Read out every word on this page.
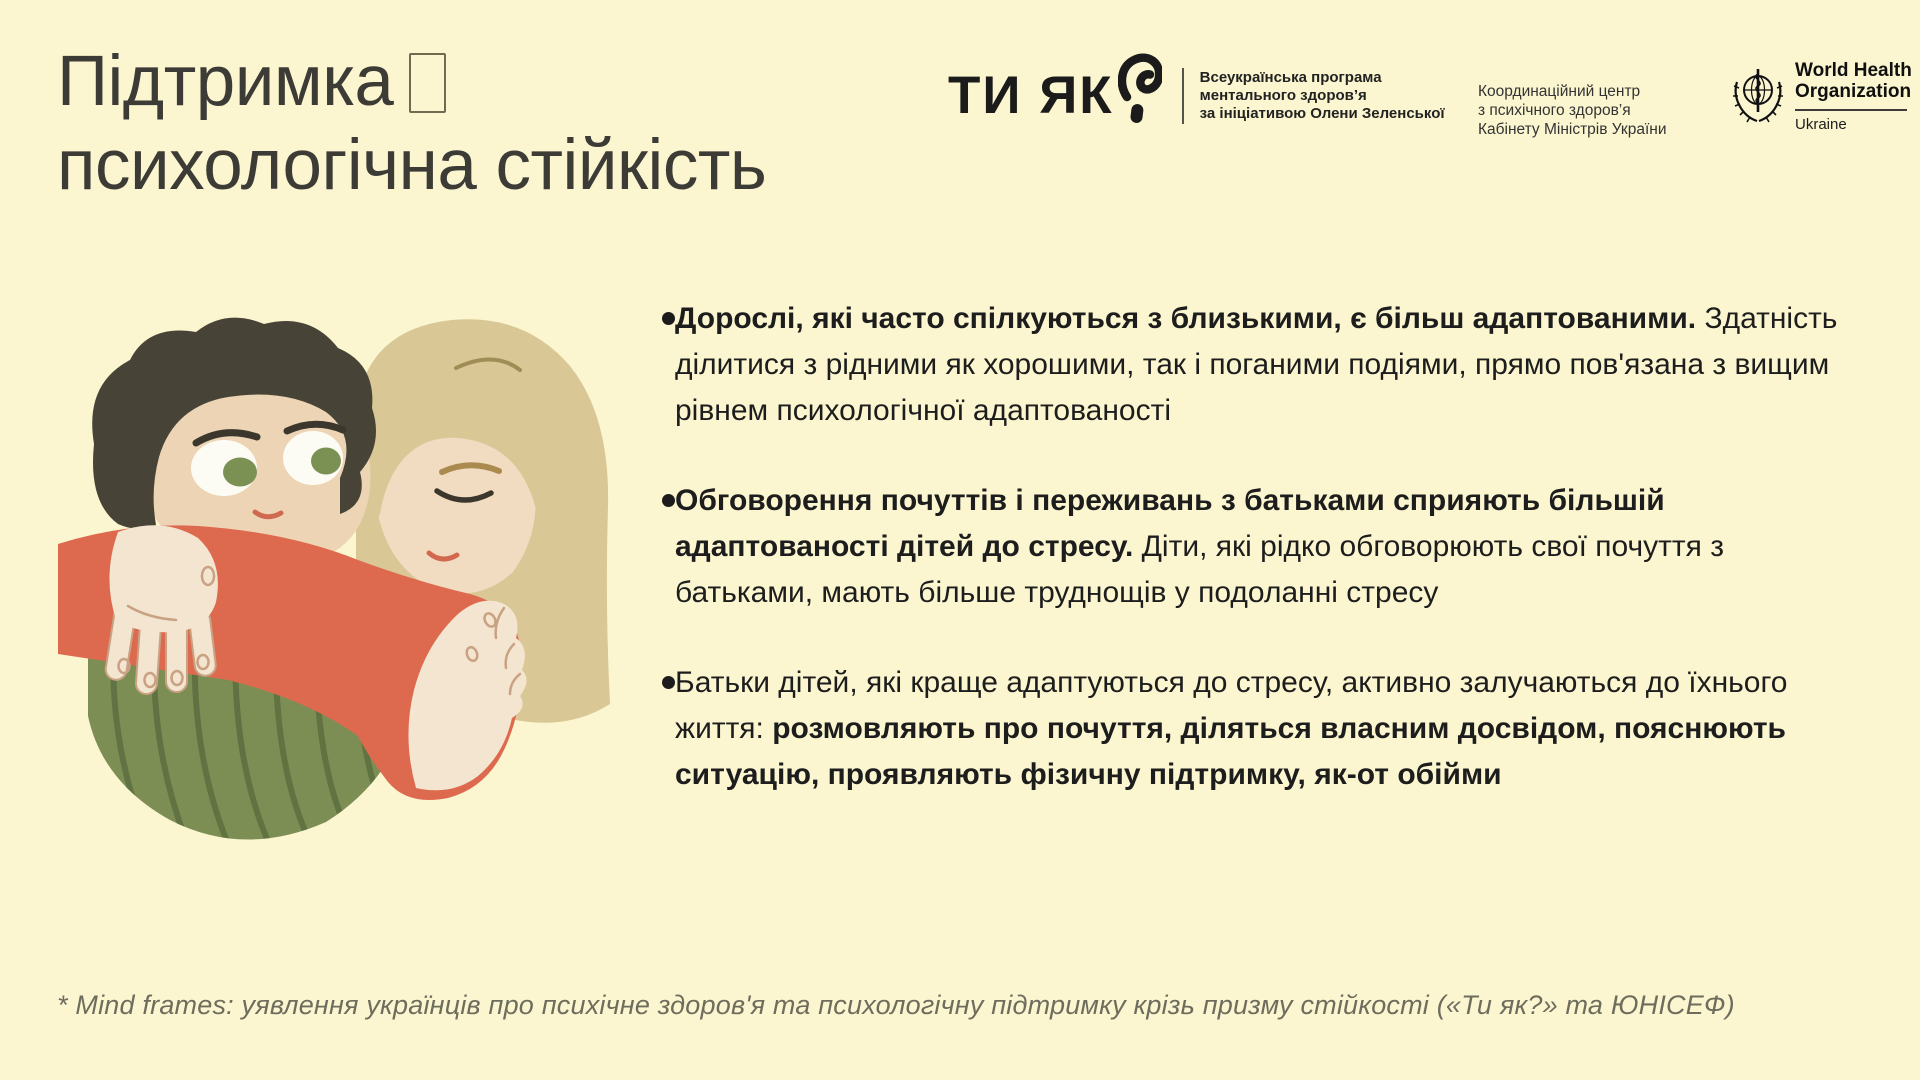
Підтримка
психологічна стійкість
ТИ ЯК	Всеукраїнська програма
ментального здоров’я
за ініціативою Олени Зеленської
Координаційний центр
з психічного здоров’я
Кабінету Міністрів України
World Health
Organization
Ukraine

Дорослі, які часто спілкуються з близькими, є більш адаптованими. Здатність ділитися з рідними як хорошими, так і поганими подіями, прямо пов'язана з вищим рівнем психологічної адаптованості

Обговорення почуттів і переживань з батьками сприяють більшій адаптованості дітей до стресу. Діти, які рідко обговорюють свої почуття з батьками, мають більше труднощів у подоланні стресу

Батьки дітей, які краще адаптуються до стресу, активно залучаються до їхнього життя: розмовляють про почуття, діляться власним досвідом, пояснюють ситуацію, проявляють фізичну підтримку, як-от обійми

* Mind frames: уявлення українців про психічне здоров'я та психологічну підтримку крізь призму стійкості («Ти як?» та ЮНІСЕФ)
